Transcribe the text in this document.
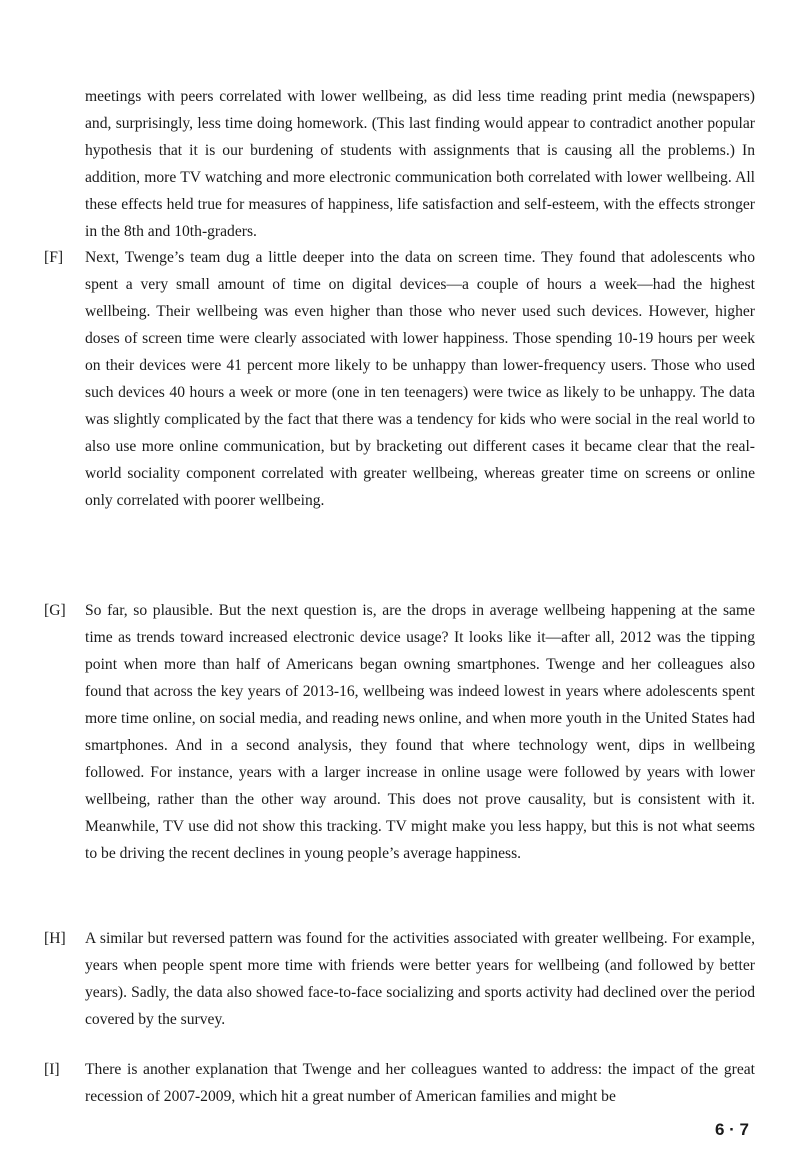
meetings with peers correlated with lower wellbeing, as did less time reading print media (newspapers) and, surprisingly, less time doing homework. (This last finding would appear to contradict another popular hypothesis that it is our burdening of students with assignments that is causing all the problems.) In addition, more TV watching and more electronic communication both correlated with lower wellbeing. All these effects held true for measures of happiness, life satisfaction and self-esteem, with the effects stronger in the 8th and 10th-graders.

[F] Next, Twenge’s team dug a little deeper into the data on screen time. They found that adolescents who spent a very small amount of time on digital devices—a couple of hours a week—had the highest wellbeing. Their wellbeing was even higher than those who never used such devices. However, higher doses of screen time were clearly associated with lower happiness. Those spending 10-19 hours per week on their devices were 41 percent more likely to be unhappy than lower-frequency users. Those who used such devices 40 hours a week or more (one in ten teenagers) were twice as likely to be unhappy. The data was slightly complicated by the fact that there was a tendency for kids who were social in the real world to also use more online communication, but by bracketing out different cases it became clear that the real-world sociality component correlated with greater wellbeing, whereas greater time on screens or online only correlated with poorer wellbeing.

[G] So far, so plausible. But the next question is, are the drops in average wellbeing happening at the same time as trends toward increased electronic device usage? It looks like it—after all, 2012 was the tipping point when more than half of Americans began owning smartphones. Twenge and her colleagues also found that across the key years of 2013-16, wellbeing was indeed lowest in years where adolescents spent more time online, on social media, and reading news online, and when more youth in the United States had smartphones. And in a second analysis, they found that where technology went, dips in wellbeing followed. For instance, years with a larger increase in online usage were followed by years with lower wellbeing, rather than the other way around. This does not prove causality, but is consistent with it. Meanwhile, TV use did not show this tracking. TV might make you less happy, but this is not what seems to be driving the recent declines in young people’s average happiness.

[H] A similar but reversed pattern was found for the activities associated with greater wellbeing. For example, years when people spent more time with friends were better years for wellbeing (and followed by better years). Sadly, the data also showed face-to-face socializing and sports activity had declined over the period covered by the survey.

[I] There is another explanation that Twenge and her colleagues wanted to address: the impact of the great recession of 2007-2009, which hit a great number of American families and might be

6 · 7
